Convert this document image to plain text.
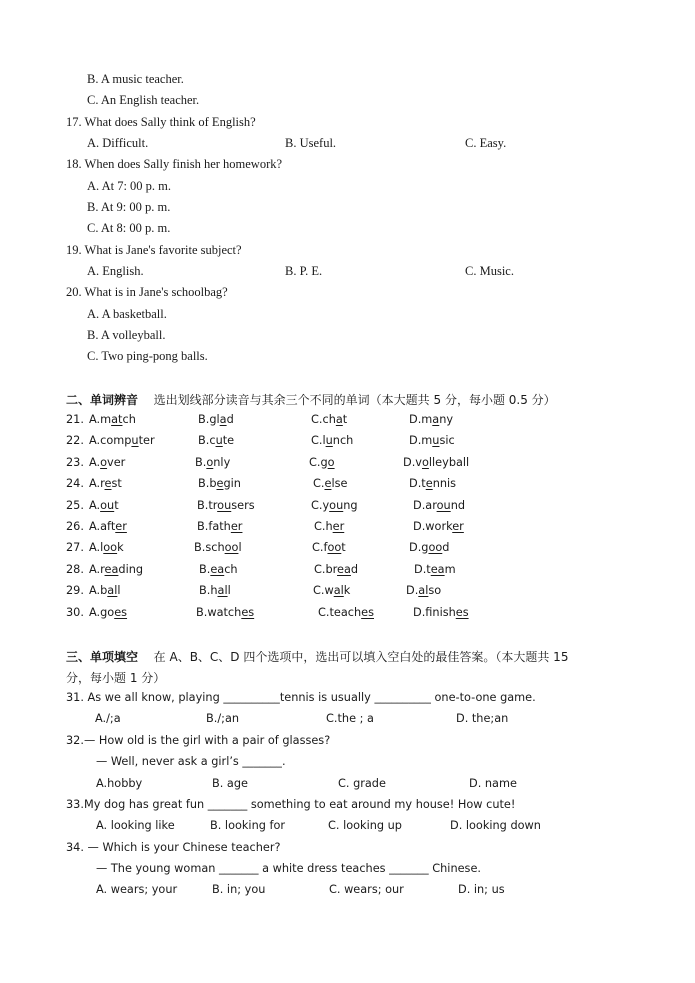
B. A music teacher.
C. An English teacher.
17. What does Sally think of English?
A. Difficult.	B. Useful.	C. Easy.
18. When does Sally finish her homework?
A. At 7: 00 p. m.
B. At 9: 00 p. m.
C. At 8: 00 p. m.
19. What is Jane's favorite subject?
A. English.	B. P. E.	C. Music.
20. What is in Jane's schoolbag?
A. A basketball.
B. A volleyball.
C. Two ping-pong balls.
二、单词辨音 选出划线部分读音与其余三个不同的单词（本大题共 5 分，每小题 0.5 分）
21. A.match	B.glad	C.chat	D.many
22. A.computer	B.cute	C.lunch	D.music
23. A.over	B.only	C.go	D.volleyball
24. A.rest	B.begin	C.else	D.tennis
25. A.out	B.trousers	C.young	D.around
26. A.after	B.father	C.her	D.worker
27. A.look	B.school	C.foot	D.good
28. A.reading	B.each	C.bread	D.team
29. A.ball	B.hall	C.walk	D.also
30. A.goes	B.watches	C.teaches	D.finishes
三、单项填空 在 A、B、C、D 四个选项中，选出可以填入空白处的最佳答案。（本大题共 15
分，每小题 1 分）
31. As we all know, playing __________tennis is usually __________ one-to-one game.
A./;a	B./;an	C.the ; a	D. the;an
32.— How old is the girl with a pair of glasses?
— Well, never ask a girl’s _______.
A.hobby	B. age	C. grade	D. name
33.My dog has great fun _______ something to eat around my house! How cute!
A. looking like	B. looking for	C. looking up	D. looking down
34. — Which is your Chinese teacher?
— The young woman _______ a white dress teaches _______ Chinese.
A. wears; your	B. in; you	C. wears; our	D. in; us
